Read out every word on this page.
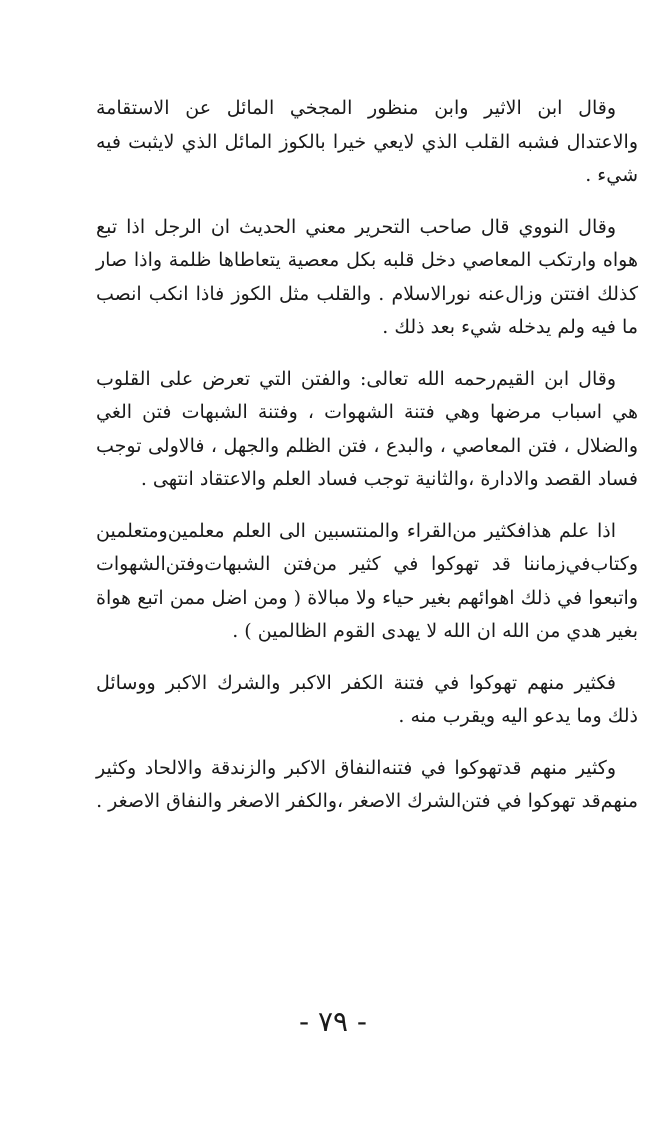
وقال ابن الاثير وابن منظور المجخي المائل عن الاستقامة والاعتدال فشبه القلب الذي لايعي خيرا بالكوز المائل الذي لايثبت فيه شيء .

وقال النووي قال صاحب التحرير معني الحديث ان الرجل اذا تبع هواه وارتكب المعاصي دخل قلبه بكل معصية يتعاطاها ظلمة واذا صار كذلك افتتن وزال‌عنه نورالاسلام . والقلب مثل الكوز فاذا انكب انصب ما فيه ولم يدخله شيء بعد ذلك .

وقال ابن القيم‌رحمه الله تعالى: والفتن التي تعرض على القلوب هي اسباب مرضها وهي فتنة الشهوات ، وفتنة الشبهات فتن الغي والضلال ، فتن المعاصي ، والبدع ، فتن الظلم والجهل ، فالاولى توجب فساد القصد والادارة ،والثانية توجب فساد العلم والاعتقاد انتهى .

اذا علم هذافكثير من‌القراء والمنتسبين الى العلم معلمين‌ومتعلمين وكتاب‌في‌زماننا قد تهوكوا في كثير من‌فتن الشبهات‌وفتن‌الشهوات واتبعوا في ذلك اهوائهم بغير حياء ولا مبالاة ( ومن اضل ممن اتبع هواة بغير هدي من الله ان الله لا يهدى القوم الظالمين ) .

فكثير منهم تهوكوا في فتنة الكفر الاكبر والشرك الاكبر ووسائل ذلك وما يدعو اليه ويقرب منه .

وكثير منهم قدتهوكوا في فتنه‌النفاق الاكبر والزندقة والالحاد وكثير منهم‌قد تهوكوا في فتن‌الشرك الاصغر ،والكفر الاصغر والنفاق الاصغر .

- ٧٩ -
